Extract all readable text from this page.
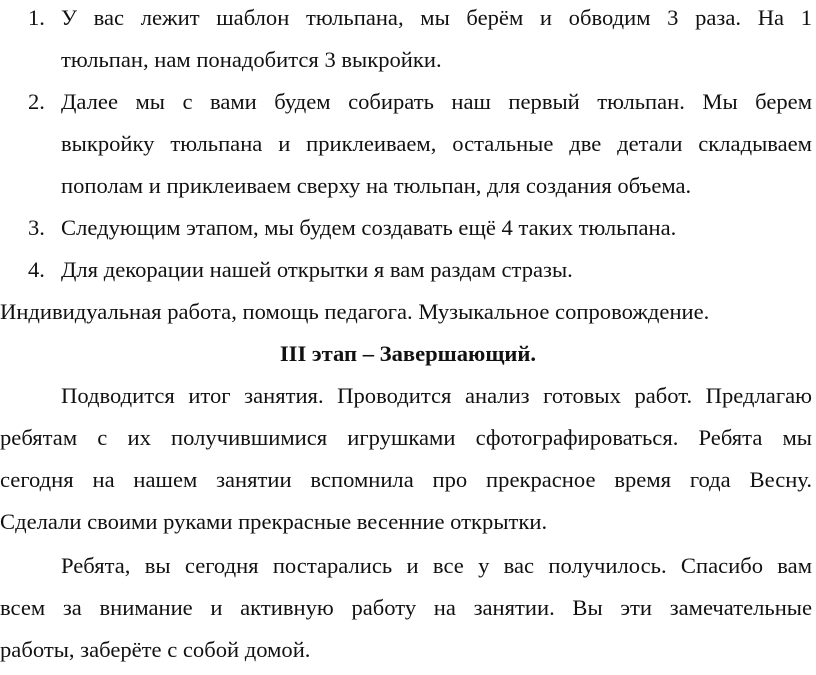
1. У вас лежит шаблон тюльпана, мы берём и обводим 3 раза. На 1
тюльпан, нам понадобится 3 выкройки.
2. Далее мы с вами будем собирать наш первый тюльпан. Мы берем
выкройку тюльпана и приклеиваем, остальные две детали складываем
пополам и приклеиваем сверху на тюльпан, для создания объема.
3. Следующим этапом, мы будем создавать ещё 4 таких тюльпана.
4. Для декорации нашей открытки я вам раздам стразы.
Индивидуальная работа, помощь педагога. Музыкальное сопровождение.
III этап – Завершающий.
Подводится итог занятия. Проводится анализ готовых работ. Предлагаю
ребятам с их получившимися игрушками сфотографироваться. Ребята мы
сегодня на нашем занятии вспомнила про прекрасное время года Весну.
Сделали своими руками прекрасные весенние открытки.
Ребята, вы сегодня постарались и все у вас получилось. Спасибо вам
всем за внимание и активную работу на занятии. Вы эти замечательные
работы, заберёте с собой домой.
